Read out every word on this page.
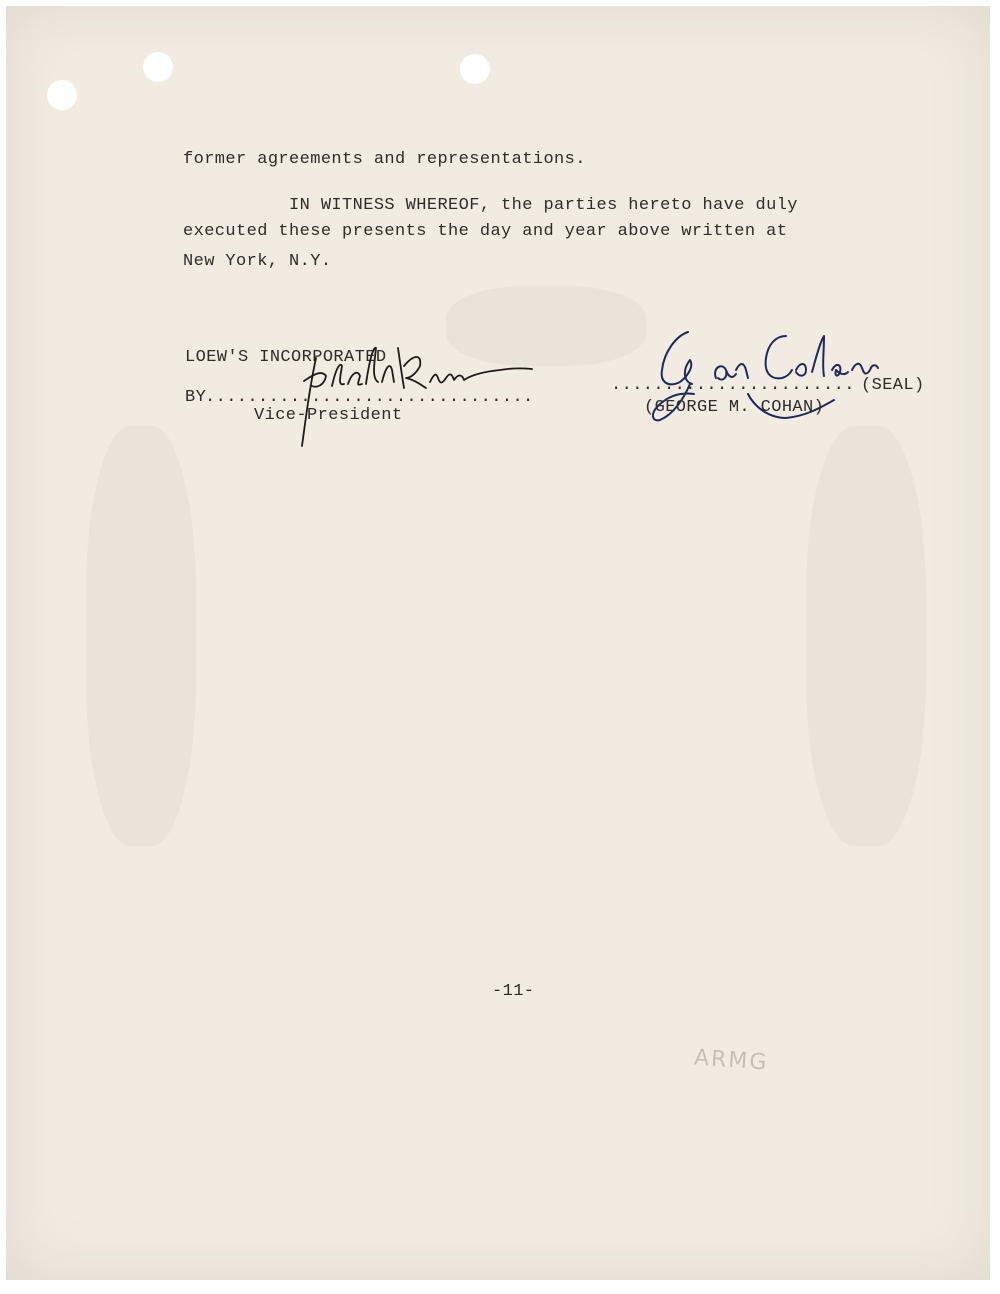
former agreements and representations.

IN WITNESS WHEREOF, the parties hereto have duly

executed these presents the day and year above written at

New York, N.Y.

LOEW'S INCORPORATED

BY

...............................

Vice-President

....................... (SEAL)

(GEORGE M. COHAN)

-11-
ARMG
